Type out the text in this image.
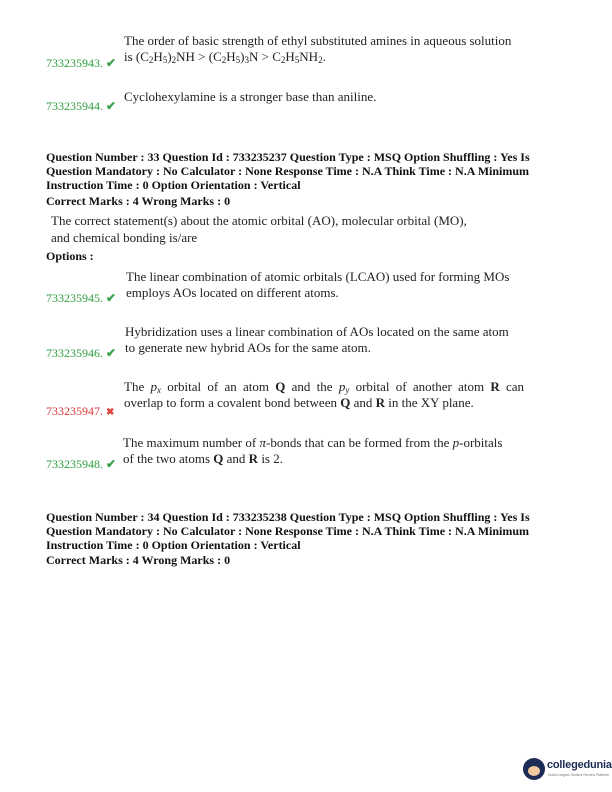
The order of basic strength of ethyl substituted amines in aqueous solution
is $(C_2H_5)_2NH > (C_2H_5)_3N > C_2H_5NH_2$.
733235943. ✔
Cyclohexylamine is a stronger base than aniline.
733235944. ✔
Question Number : 33 Question Id : 733235237 Question Type : MSQ Option Shuffling : Yes Is
Question Mandatory : No Calculator : None Response Time : N.A Think Time : N.A Minimum
Instruction Time : 0 Option Orientation : Vertical
Correct Marks : 4 Wrong Marks : 0
The correct statement(s) about the atomic orbital (AO), molecular orbital (MO),
and chemical bonding is/are
Options :
The linear combination of atomic orbitals (LCAO) used for forming MOs
employs AOs located on different atoms.
733235945. ✔
Hybridization uses a linear combination of AOs located on the same atom
to generate new hybrid AOs for the same atom.
733235946. ✔
The $p_x$ orbital of an atom Q and the $p_y$ orbital of another atom R can
overlap to form a covalent bond between Q and R in the XY plane.
733235947. ✖
The maximum number of π-bonds that can be formed from the p-orbitals
of the two atoms Q and R is 2.
733235948. ✔
Question Number : 34 Question Id : 733235238 Question Type : MSQ Option Shuffling : Yes Is
Question Mandatory : No Calculator : None Response Time : N.A Think Time : N.A Minimum
Instruction Time : 0 Option Orientation : Vertical
Correct Marks : 4 Wrong Marks : 0
collegedunia
India's largest Student Review Platform
